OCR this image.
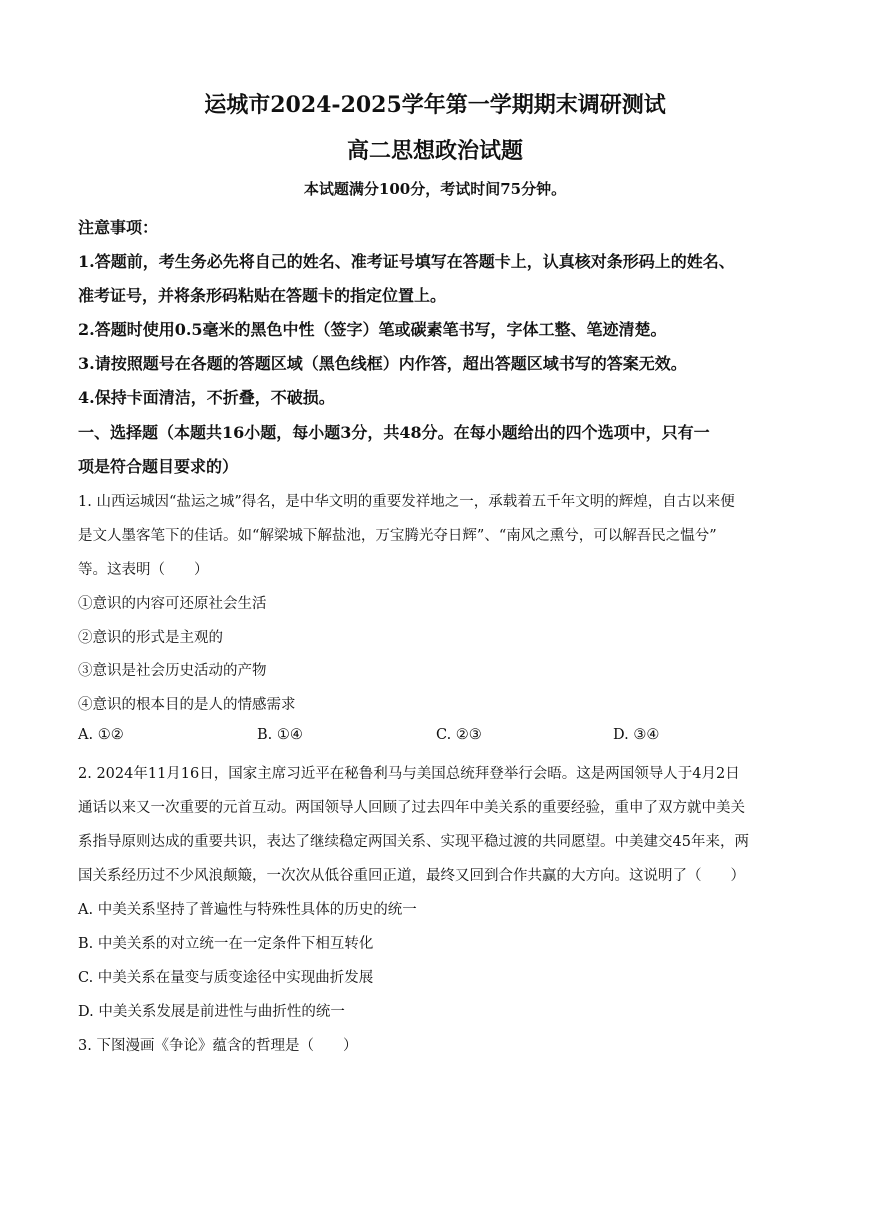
运城市2024-2025学年第一学期期末调研测试
高二思想政治试题
本试题满分100分，考试时间75分钟。
注意事项：
1.答题前，考生务必先将自己的姓名、准考证号填写在答题卡上，认真核对条形码上的姓名、
准考证号，并将条形码粘贴在答题卡的指定位置上。
2.答题时使用0.5毫米的黑色中性（签字）笔或碳素笔书写，字体工整、笔迹清楚。
3.请按照题号在各题的答题区域（黑色线框）内作答，超出答题区域书写的答案无效。
4.保持卡面清洁，不折叠，不破损。
一、选择题（本题共16小题，每小题3分，共48分。在每小题给出的四个选项中，只有一
项是符合题目要求的）
1. 山西运城因“盐运之城”得名，是中华文明的重要发祥地之一，承载着五千年文明的辉煌，自古以来便
是文人墨客笔下的佳话。如“解梁城下解盐池，万宝腾光夺日辉”、“南风之熏兮，可以解吾民之愠兮”
等。这表明（　　）
①意识的内容可还原社会生活
②意识的形式是主观的
③意识是社会历史活动的产物
④意识的根本目的是人的情感需求
A. ①②	B. ①④	C. ②③	D. ③④
2. 2024年11月16日，国家主席习近平在秘鲁利马与美国总统拜登举行会晤。这是两国领导人于4月2日
通话以来又一次重要的元首互动。两国领导人回顾了过去四年中美关系的重要经验，重申了双方就中美关
系指导原则达成的重要共识，表达了继续稳定两国关系、实现平稳过渡的共同愿望。中美建交45年来，两
国关系经历过不少风浪颠簸，一次次从低谷重回正道，最终又回到合作共赢的大方向。这说明了（　　）
A. 中美关系坚持了普遍性与特殊性具体的历史的统一
B. 中美关系的对立统一在一定条件下相互转化
C. 中美关系在量变与质变途径中实现曲折发展
D. 中美关系发展是前进性与曲折性的统一
3. 下图漫画《争论》蕴含的哲理是（　　）
